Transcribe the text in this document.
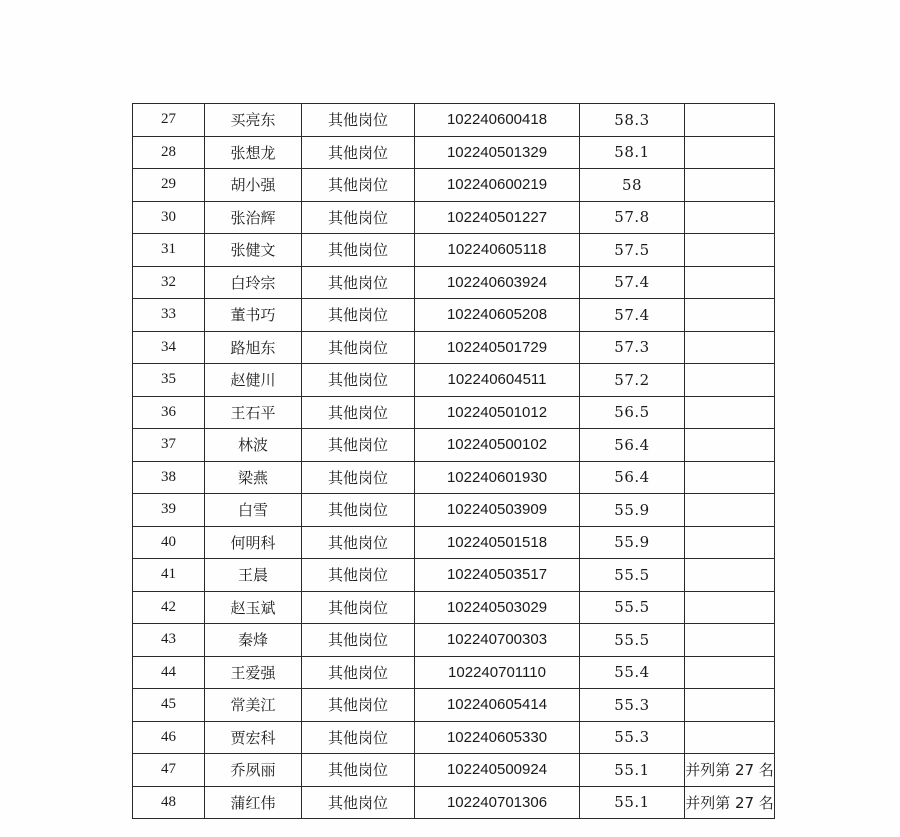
27	买亮东	其他岗位	102240600418	58.3	
28	张想龙	其他岗位	102240501329	58.1	
29	胡小强	其他岗位	102240600219	58	
30	张治辉	其他岗位	102240501227	57.8	
31	张健文	其他岗位	102240605118	57.5	
32	白玲宗	其他岗位	102240603924	57.4	
33	董书巧	其他岗位	102240605208	57.4	
34	路旭东	其他岗位	102240501729	57.3	
35	赵健川	其他岗位	102240604511	57.2	
36	王石平	其他岗位	102240501012	56.5	
37	林波	其他岗位	102240500102	56.4	
38	梁燕	其他岗位	102240601930	56.4	
39	白雪	其他岗位	102240503909	55.9	
40	何明科	其他岗位	102240501518	55.9	
41	王晨	其他岗位	102240503517	55.5	
42	赵玉斌	其他岗位	102240503029	55.5	
43	秦烽	其他岗位	102240700303	55.5	
44	王爱强	其他岗位	102240701110	55.4	
45	常美江	其他岗位	102240605414	55.3	
46	贾宏科	其他岗位	102240605330	55.3	
47	乔夙丽	其他岗位	102240500924	55.1	并列第 27 名
48	蒲红伟	其他岗位	102240701306	55.1	并列第 27 名
